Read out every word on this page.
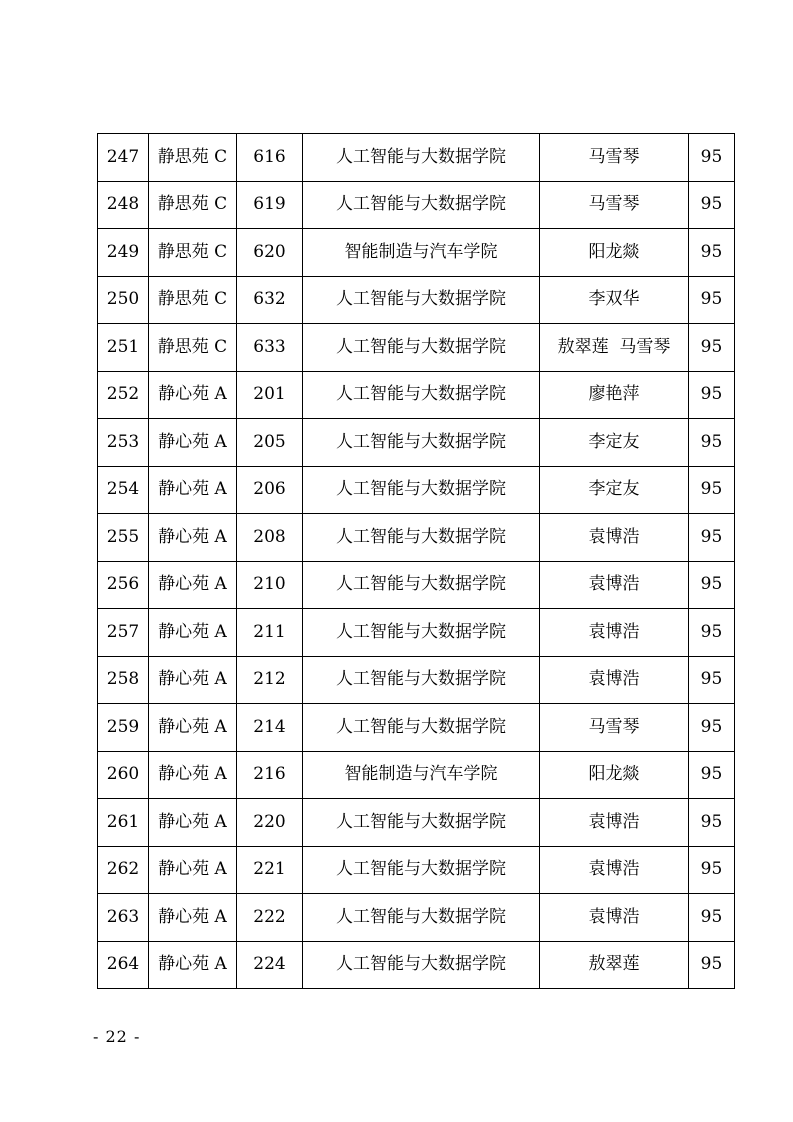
247	静思苑 C	616	人工智能与大数据学院	马雪琴	95
248	静思苑 C	619	人工智能与大数据学院	马雪琴	95
249	静思苑 C	620	智能制造与汽车学院	阳龙燚	95
250	静思苑 C	632	人工智能与大数据学院	李双华	95
251	静思苑 C	633	人工智能与大数据学院	敖翠莲  马雪琴	95
252	静心苑 A	201	人工智能与大数据学院	廖艳萍	95
253	静心苑 A	205	人工智能与大数据学院	李定友	95
254	静心苑 A	206	人工智能与大数据学院	李定友	95
255	静心苑 A	208	人工智能与大数据学院	袁博浩	95
256	静心苑 A	210	人工智能与大数据学院	袁博浩	95
257	静心苑 A	211	人工智能与大数据学院	袁博浩	95
258	静心苑 A	212	人工智能与大数据学院	袁博浩	95
259	静心苑 A	214	人工智能与大数据学院	马雪琴	95
260	静心苑 A	216	智能制造与汽车学院	阳龙燚	95
261	静心苑 A	220	人工智能与大数据学院	袁博浩	95
262	静心苑 A	221	人工智能与大数据学院	袁博浩	95
263	静心苑 A	222	人工智能与大数据学院	袁博浩	95
264	静心苑 A	224	人工智能与大数据学院	敖翠莲	95
- 22 -
